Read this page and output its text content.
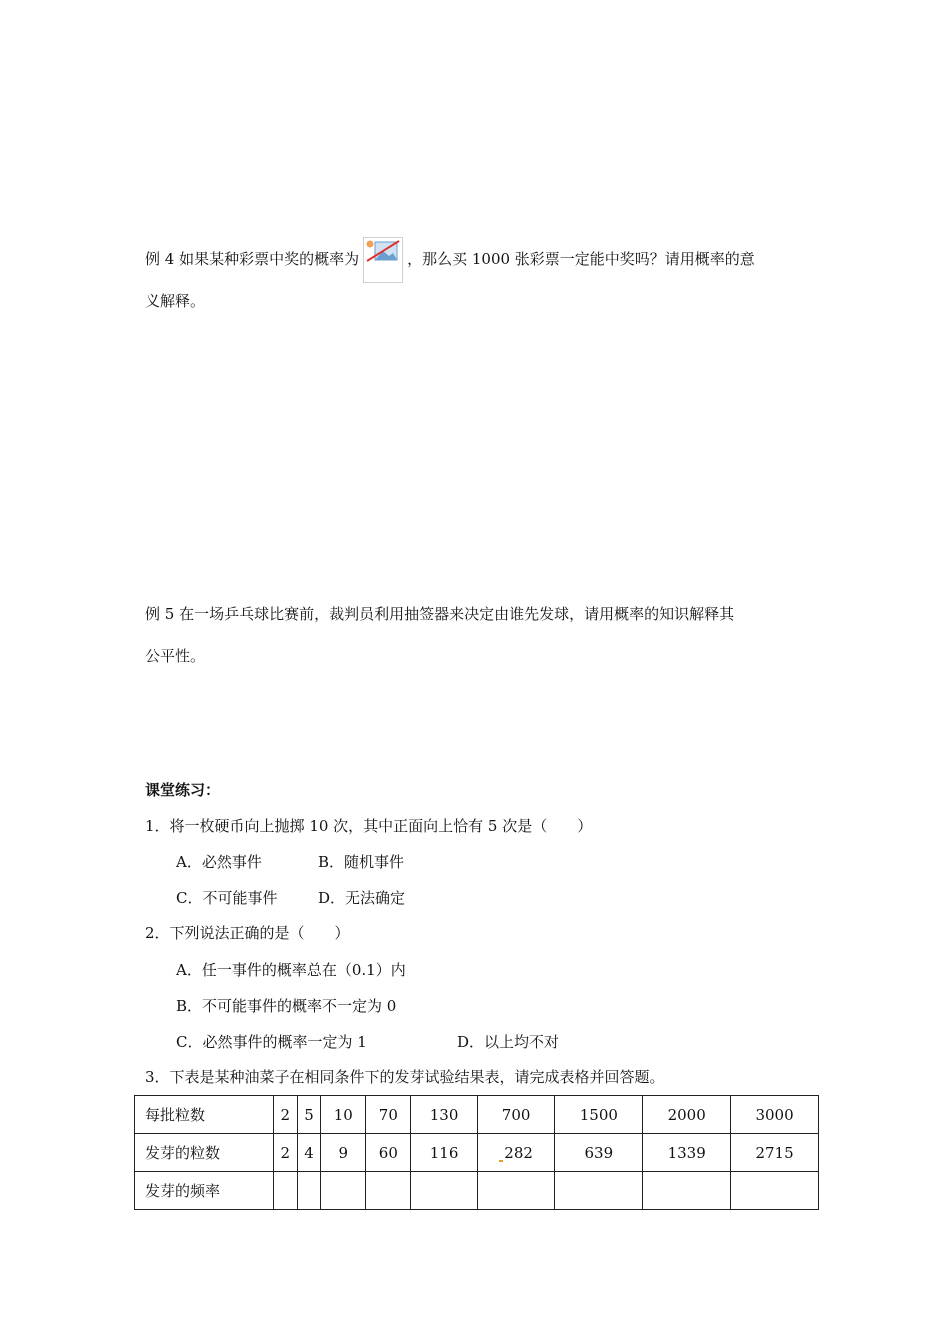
例 4 如果某种彩票中奖的概率为	，那么买 1000 张彩票一定能中奖吗？请用概率的意
义解释。
例 5 在一场乒乓球比赛前，裁判员利用抽签器来决定由谁先发球，请用概率的知识解释其
公平性。
课堂练习：
1．将一枚硬币向上抛掷 10 次，其中正面向上恰有 5 次是（　　）
A．必然事件	B．随机事件
C．不可能事件	D．无法确定
2．下列说法正确的是（　　）
A．任一事件的概率总在（0.1）内
B．不可能事件的概率不一定为 0
C．必然事件的概率一定为 1	D．以上均不对
3．下表是某种油菜子在相同条件下的发芽试验结果表，请完成表格并回答题。
每批粒数	2	5	10	70	130	700	1500	2000	3000
发芽的粒数	2	4	9	60	116	282	639	1339	2715
发芽的频率									
